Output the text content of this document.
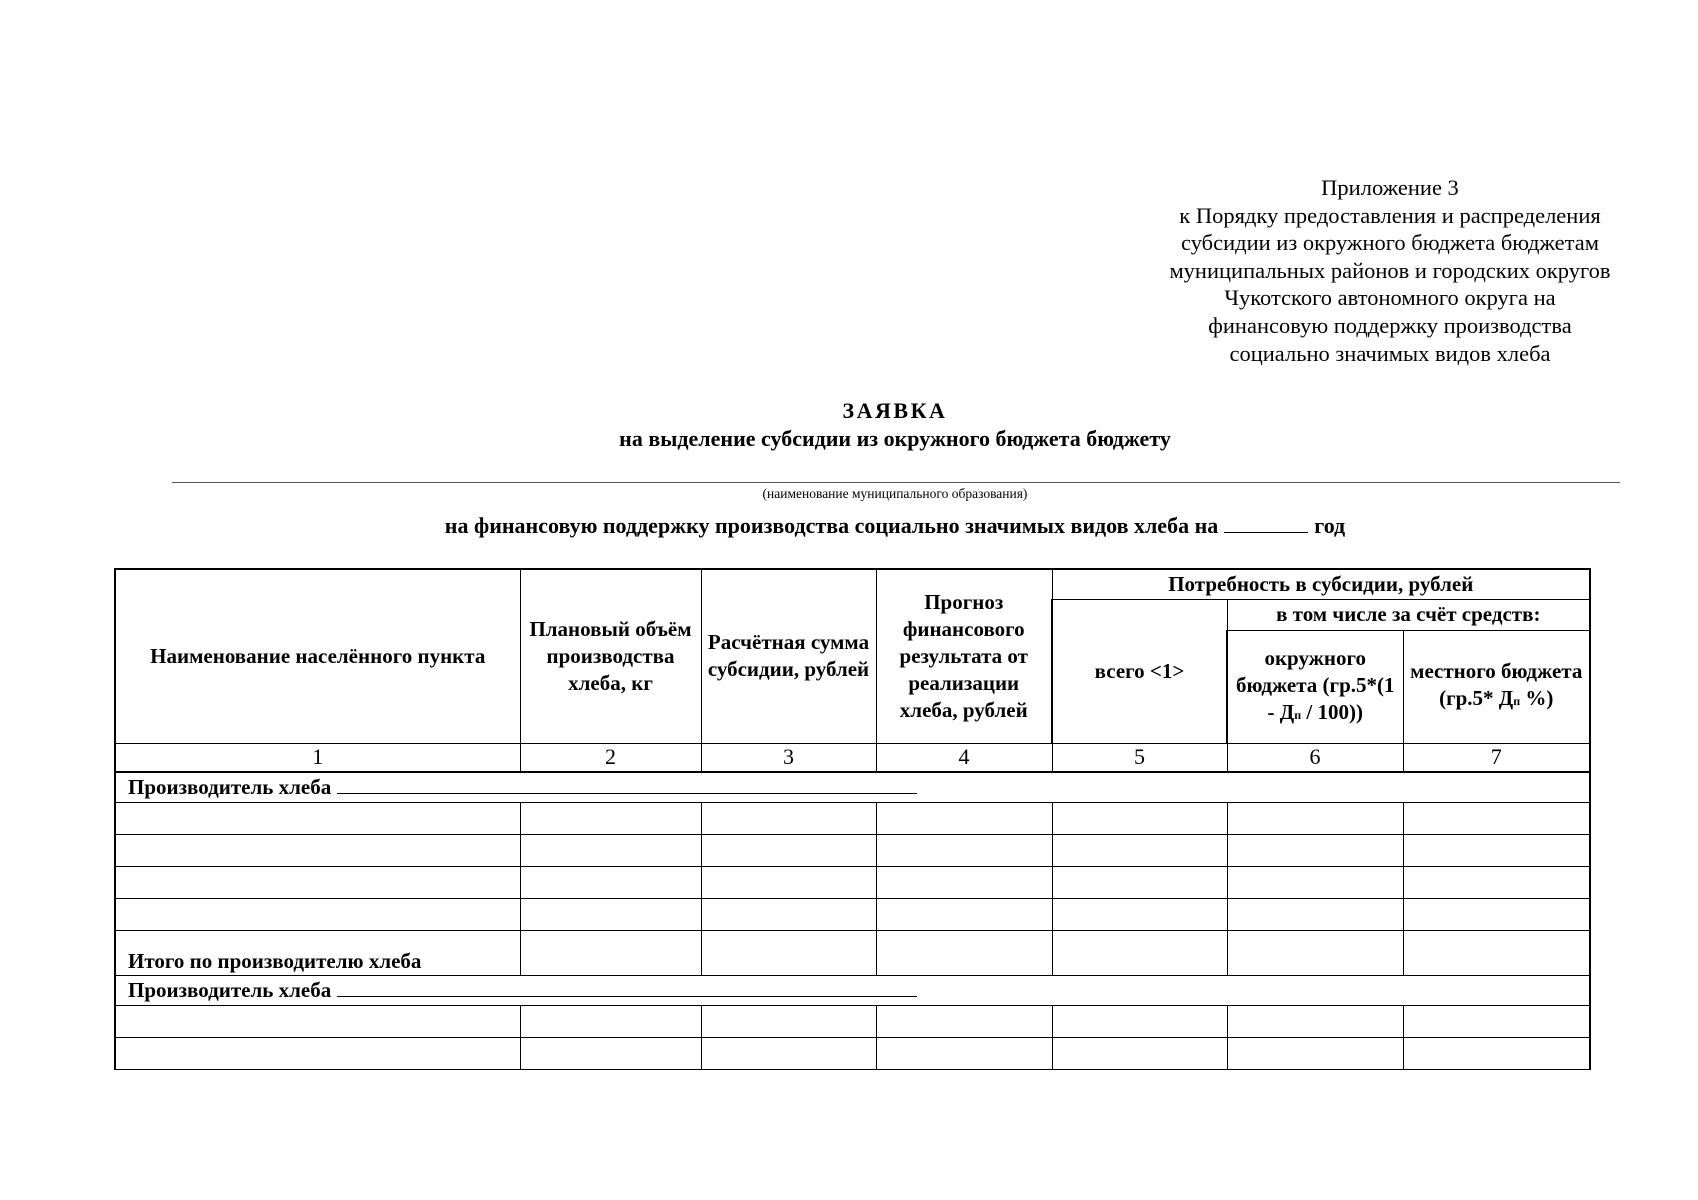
Приложение 3
к Порядку предоставления и распределения
субсидии из окружного бюджета бюджетам
муниципальных районов и городских округов
Чукотского автономного округа на
финансовую поддержку производства
социально значимых видов хлеба
ЗАЯВКА
на выделение субсидии из окружного бюджета бюджету
(наименование муниципального образования)
на финансовую поддержку производства социально значимых видов хлеба на	год
Наименование населённого пункта	Плановый объём производства хлеба, кг	Расчётная сумма субсидии, рублей	Прогноз финансового результата от реализации хлеба, рублей	Потребность в субсидии, рублей		
				всего <1>	в том числе за счёт средств:	
					окружного бюджета (гр.5*(1 - Дп / 100))	местного бюджета (гр.5* Дп %)
1	2	3	4	5	6	7
Производитель хлеба						

Итого по производителю хлеба						
Производитель хлеба						
